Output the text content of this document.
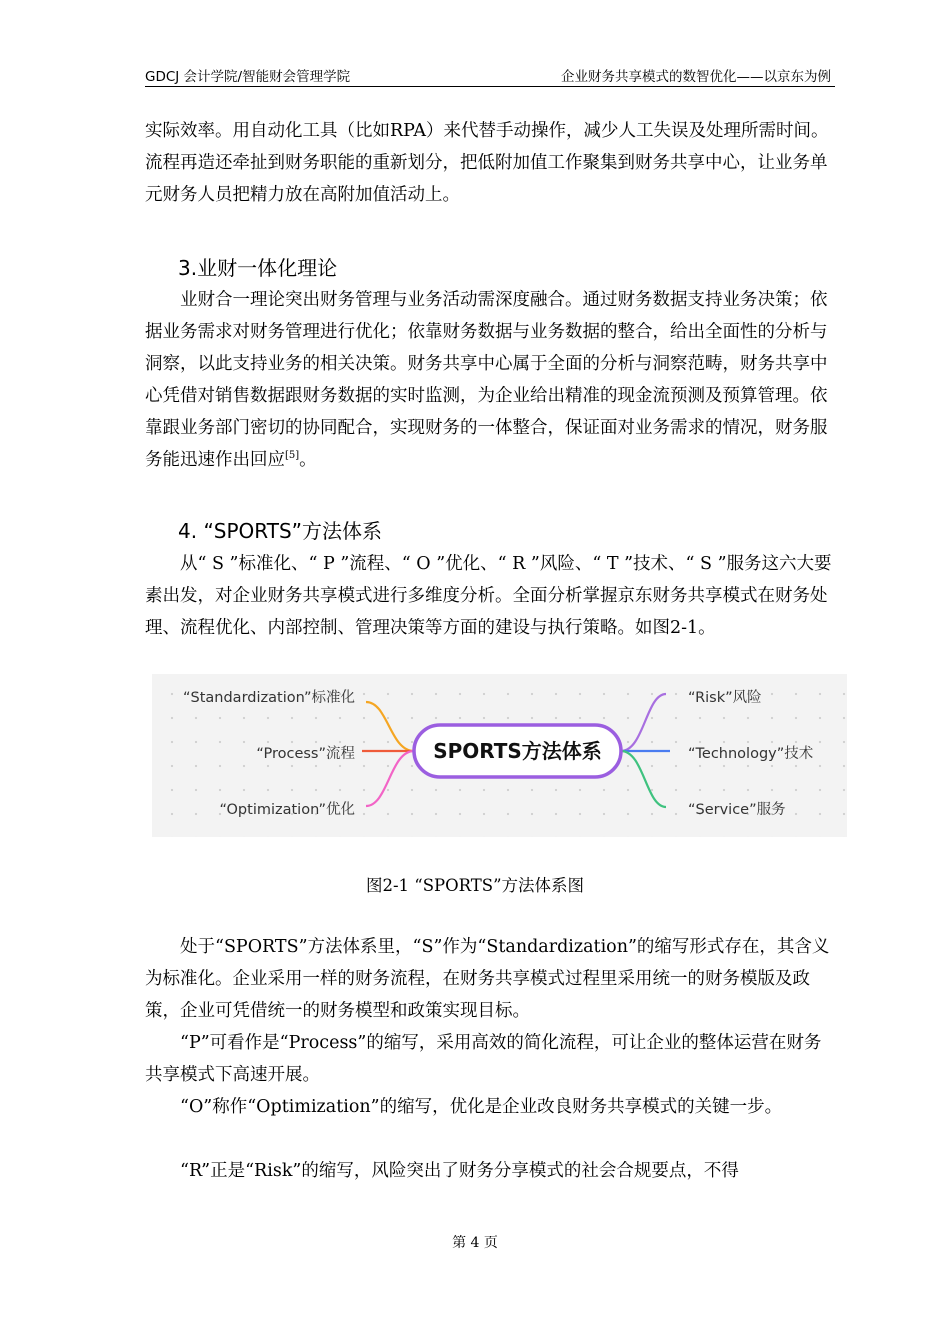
GDCJ 会计学院/智能财会管理学院	企业财务共享模式的数智优化——以京东为例

实际效率。用自动化工具（比如RPA）来代替手动操作，减少人工失误及处理所需时间。流程再造还牵扯到财务职能的重新划分，把低附加值工作聚集到财务共享中心，让业务单元财务人员把精力放在高附加值活动上。

3.业财一体化理论

业财合一理论突出财务管理与业务活动需深度融合。通过财务数据支持业务决策；依据业务需求对财务管理进行优化；依靠财务数据与业务数据的整合，给出全面性的分析与洞察，以此支持业务的相关决策。财务共享中心属于全面的分析与洞察范畴，财务共享中心凭借对销售数据跟财务数据的实时监测，为企业给出精准的现金流预测及预算管理。依靠跟业务部门密切的协同配合，实现财务的一体整合，保证面对业务需求的情况，财务服务能迅速作出回应[5]。

4. “SPORTS”方法体系

从“ S ”标准化、“ P ”流程、“ O ”优化、“ R ”风险、“ T ”技术、“ S ”服务这六大要素出发，对企业财务共享模式进行多维度分析。全面分析掌握京东财务共享模式在财务处理、流程优化、内部控制、管理决策等方面的建设与执行策略。如图2-1。

SPORTS方法体系
“Standardization”标准化
“Process”流程
“Optimization”优化
“Risk”风险
“Technology”技术
“Service”服务
图2-1 “SPORTS”方法体系图

处于“SPORTS”方法体系里，“S”作为“Standardization”的缩写形式存在，其含义为标准化。企业采用一样的财务流程，在财务共享模式过程里采用统一的财务模版及政策，企业可凭借统一的财务模型和政策实现目标。

“P”可看作是“Process”的缩写，采用高效的简化流程，可让企业的整体运营在财务共享模式下高速开展。

“O”称作“Optimization”的缩写，优化是企业改良财务共享模式的关键一步。

“R”正是“Risk”的缩写，风险突出了财务分享模式的社会合规要点，不得

第 4 页
